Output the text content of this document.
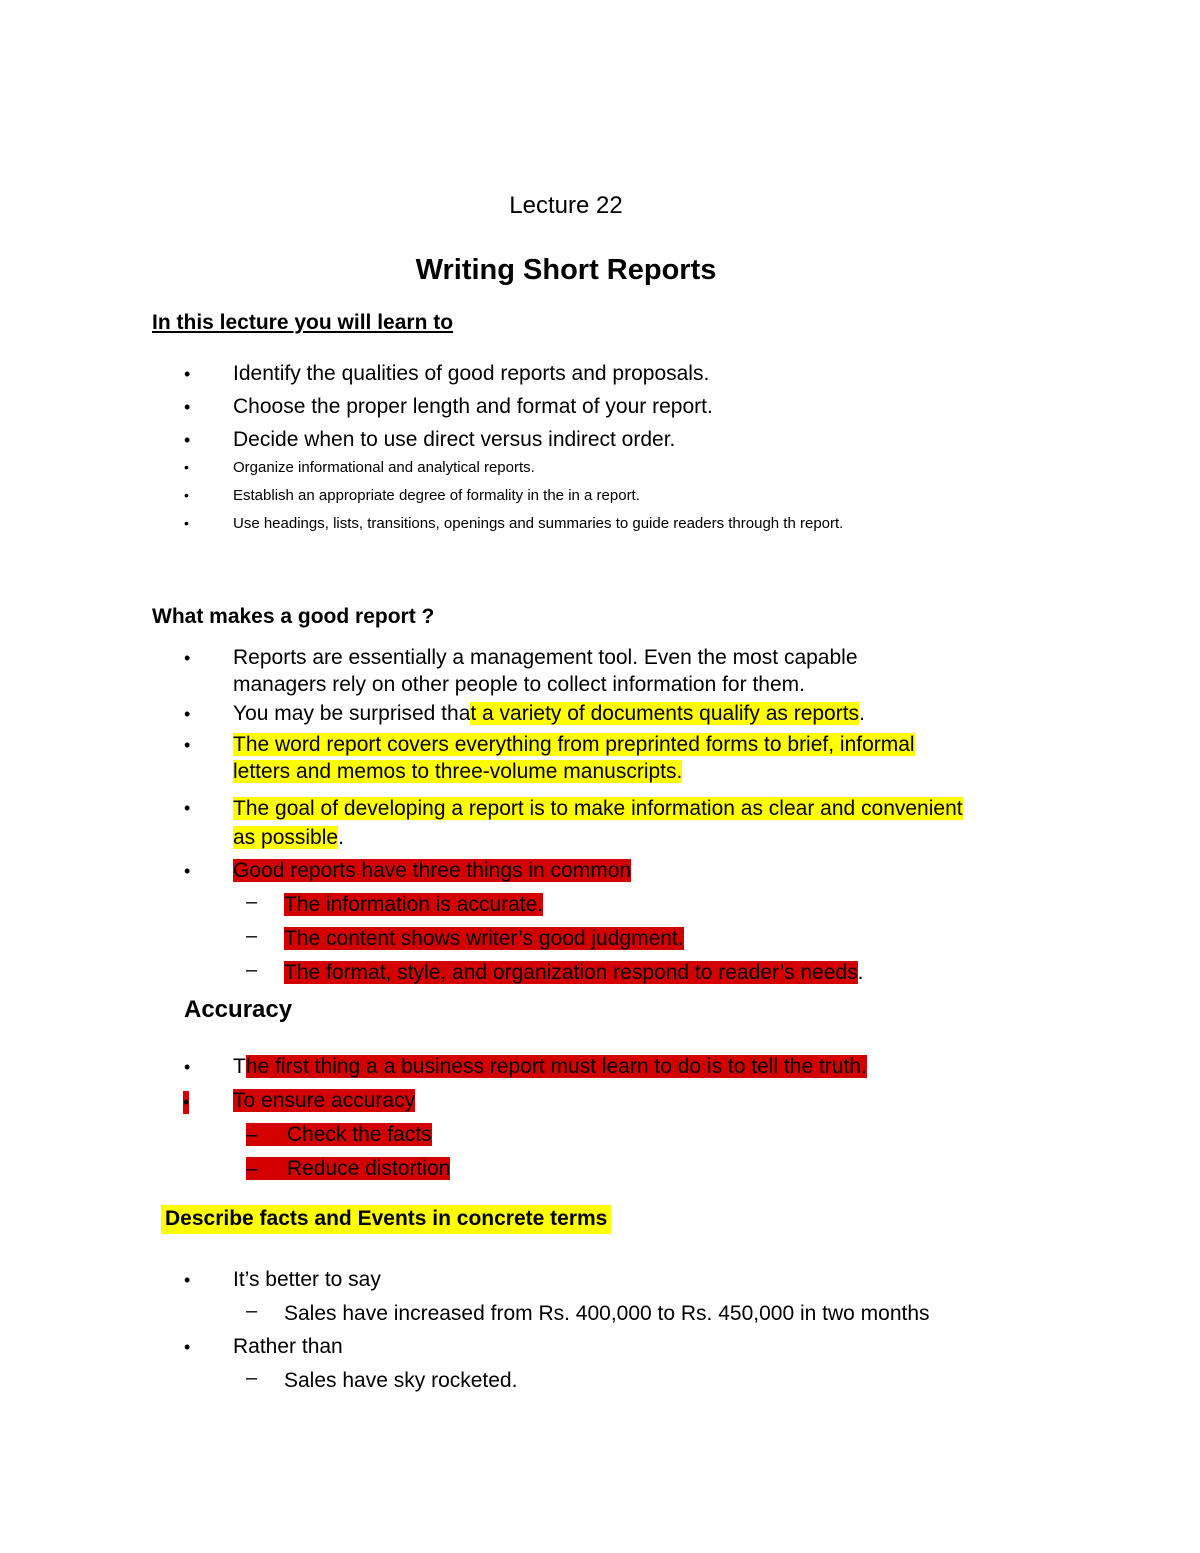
Lecture 22
Writing Short Reports
In this lecture you will learn to
• Identify the qualities of good reports and proposals.
• Choose the proper length and format of your report.
• Decide when to use direct versus indirect order.
•	Organize informational and analytical reports.
•	Establish an appropriate degree of formality in the in a report.
•	Use headings, lists, transitions, openings and summaries to guide readers through th report.
What makes a good report ?
• Reports are essentially a management tool. Even the most capable
managers rely on other people to collect information for them.
• You may be surprised that a variety of documents qualify as reports.
• The word report covers everything from preprinted forms to brief, informal
letters and memos to three-volume manuscripts.
• The goal of developing a report is to make information as clear and convenient
as possible.
• Good reports have three things in common
– The information is accurate.
– The content shows writer’s good judgment.
– The format, style, and organization respond to reader’s needs.
Accuracy
• The first thing a a business report must learn to do is to tell the truth.
• To ensure accuracy
– Check the facts
– Reduce distortion
Describe facts and Events in concrete terms
• It’s better to say
– Sales have increased from Rs. 400,000 to Rs. 450,000 in two months
• Rather than
– Sales have sky rocketed.
